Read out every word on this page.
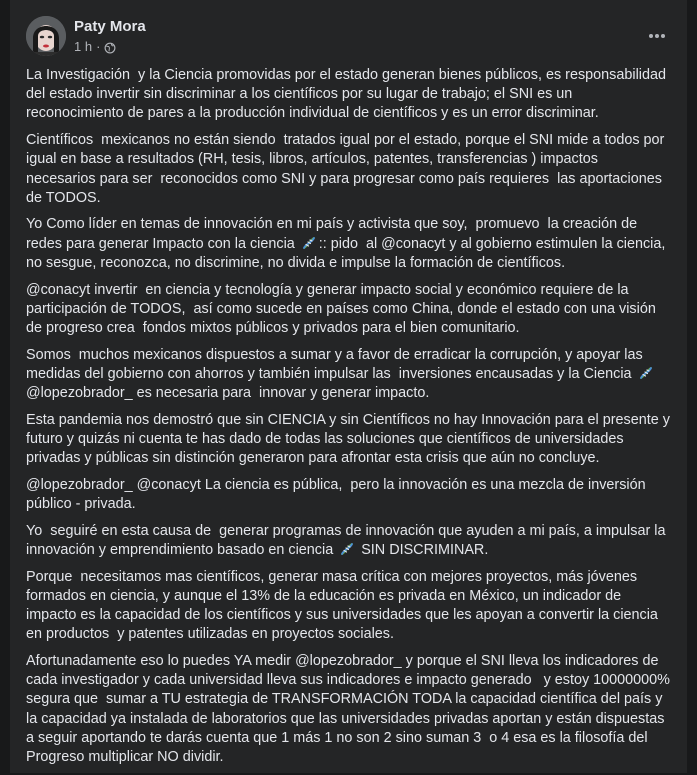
Paty Mora
1 h ·

La Investigación  y la Ciencia promovidas por el estado generan bienes públicos, es responsabilidad del estado invertir sin discriminar a los científicos por su lugar de trabajo; el SNI es un reconocimiento de pares a la producción individual de científicos y es un error discriminar.

Científicos  mexicanos no están siendo  tratados igual por el estado, porque el SNI mide a todos por igual en base a resultados (RH, tesis, libros, artículos, patentes, transferencias ) impactos necesarios para ser  reconocidos como SNI y para progresar como país requieres  las aportaciones de TODOS.

Yo Como líder en temas de innovación en mi país y activista que soy,  promuevo  la creación de redes para generar Impacto con la ciencia :: pido  al @conacyt y al gobierno estimulen la ciencia, no sesgue, reconozca, no discrimine, no divida e impulse la formación de científicos.

@conacyt invertir  en ciencia y tecnología y generar impacto social y económico requiere de la participación de TODOS,  así como sucede en países como China, donde el estado con una visión de progreso crea  fondos mixtos públicos y privados para el bien comunitario.

Somos  muchos mexicanos dispuestos a sumar y a favor de erradicar la corrupción, y apoyar las medidas del gobierno con ahorros y también impulsar las  inversiones encausadas y la Ciencia  @lopezobrador_ es necesaria para  innovar y generar impacto.

Esta pandemia nos demostró que sin CIENCIA y sin Científicos no hay Innovación para el presente y futuro y quizás ni cuenta te has dado de todas las soluciones que científicos de universidades privadas y públicas sin distinción generaron para afrontar esta crisis que aún no concluye.

@lopezobrador_ @conacyt La ciencia es pública,  pero la innovación es una mezcla de inversión público - privada.

Yo  seguiré en esta causa de  generar programas de innovación que ayuden a mi país, a impulsar la innovación y emprendimiento basado en ciencia  SIN DISCRIMINAR.

Porque  necesitamos mas científicos, generar masa crítica con mejores proyectos, más jóvenes formados en ciencia, y aunque el 13% de la educación es privada en México, un indicador de impacto es la capacidad de los científicos y sus universidades que les apoyan a convertir la ciencia en productos  y patentes utilizadas en proyectos sociales.

Afortunadamente eso lo puedes YA medir @lopezobrador_ y porque el SNI lleva los indicadores de cada investigador y cada universidad lleva sus indicadores e impacto generado   y estoy 10000000%  segura que  sumar a TU estrategia de TRANSFORMACIÓN TODA la capacidad científica del país y la capacidad ya instalada de laboratorios que las universidades privadas aportan y están dispuestas a seguir aportando te darás cuenta que 1 más 1 no son 2 sino suman 3  o 4 esa es la filosofía del Progreso multiplicar NO dividir.
